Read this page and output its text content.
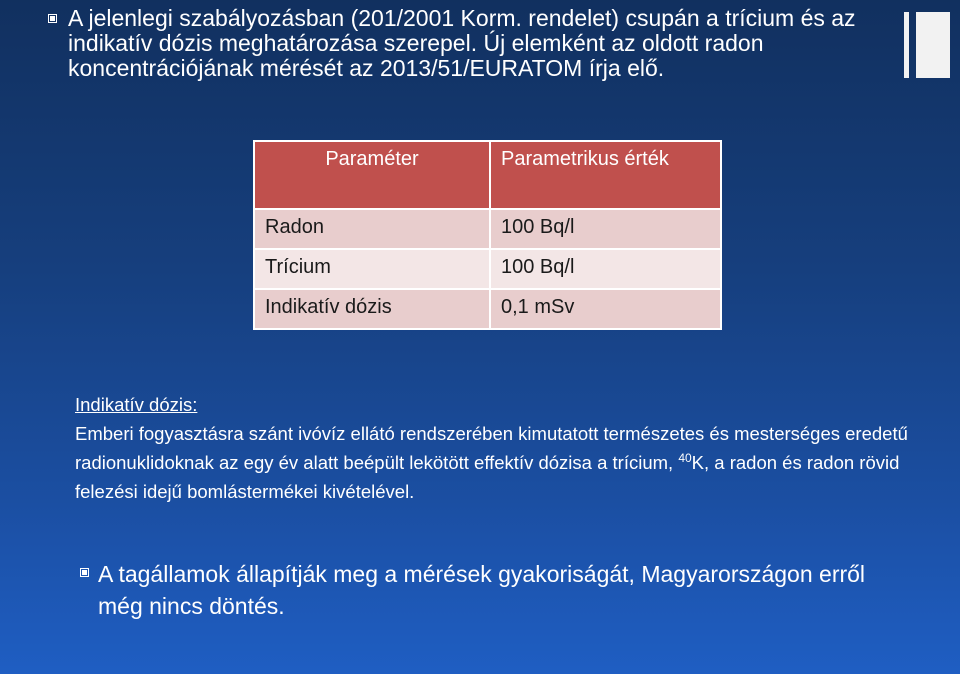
A jelenlegi szabályozásban (201/2001 Korm. rendelet) csupán a trícium és az indikatív dózis meghatározása szerepel. Új elemként az oldott radon koncentrációjának mérését az 2013/51/EURATOM írja elő.
Paraméter	Parametrikus érték
Radon	100 Bq/l
Trícium	100 Bq/l
Indikatív dózis	0,1 mSv
Indikatív dózis:
Emberi fogyasztásra szánt ivóvíz ellátó rendszerében kimutatott természetes és mesterséges eredetű radionuklidoknak az egy év alatt beépült lekötött effektív dózisa a trícium, $^{40}$K, a radon és radon rövid felezési idejű bomlástermékei kivételével.
A tagállamok állapítják meg a mérések gyakoriságát, Magyarországon erről még nincs döntés.
